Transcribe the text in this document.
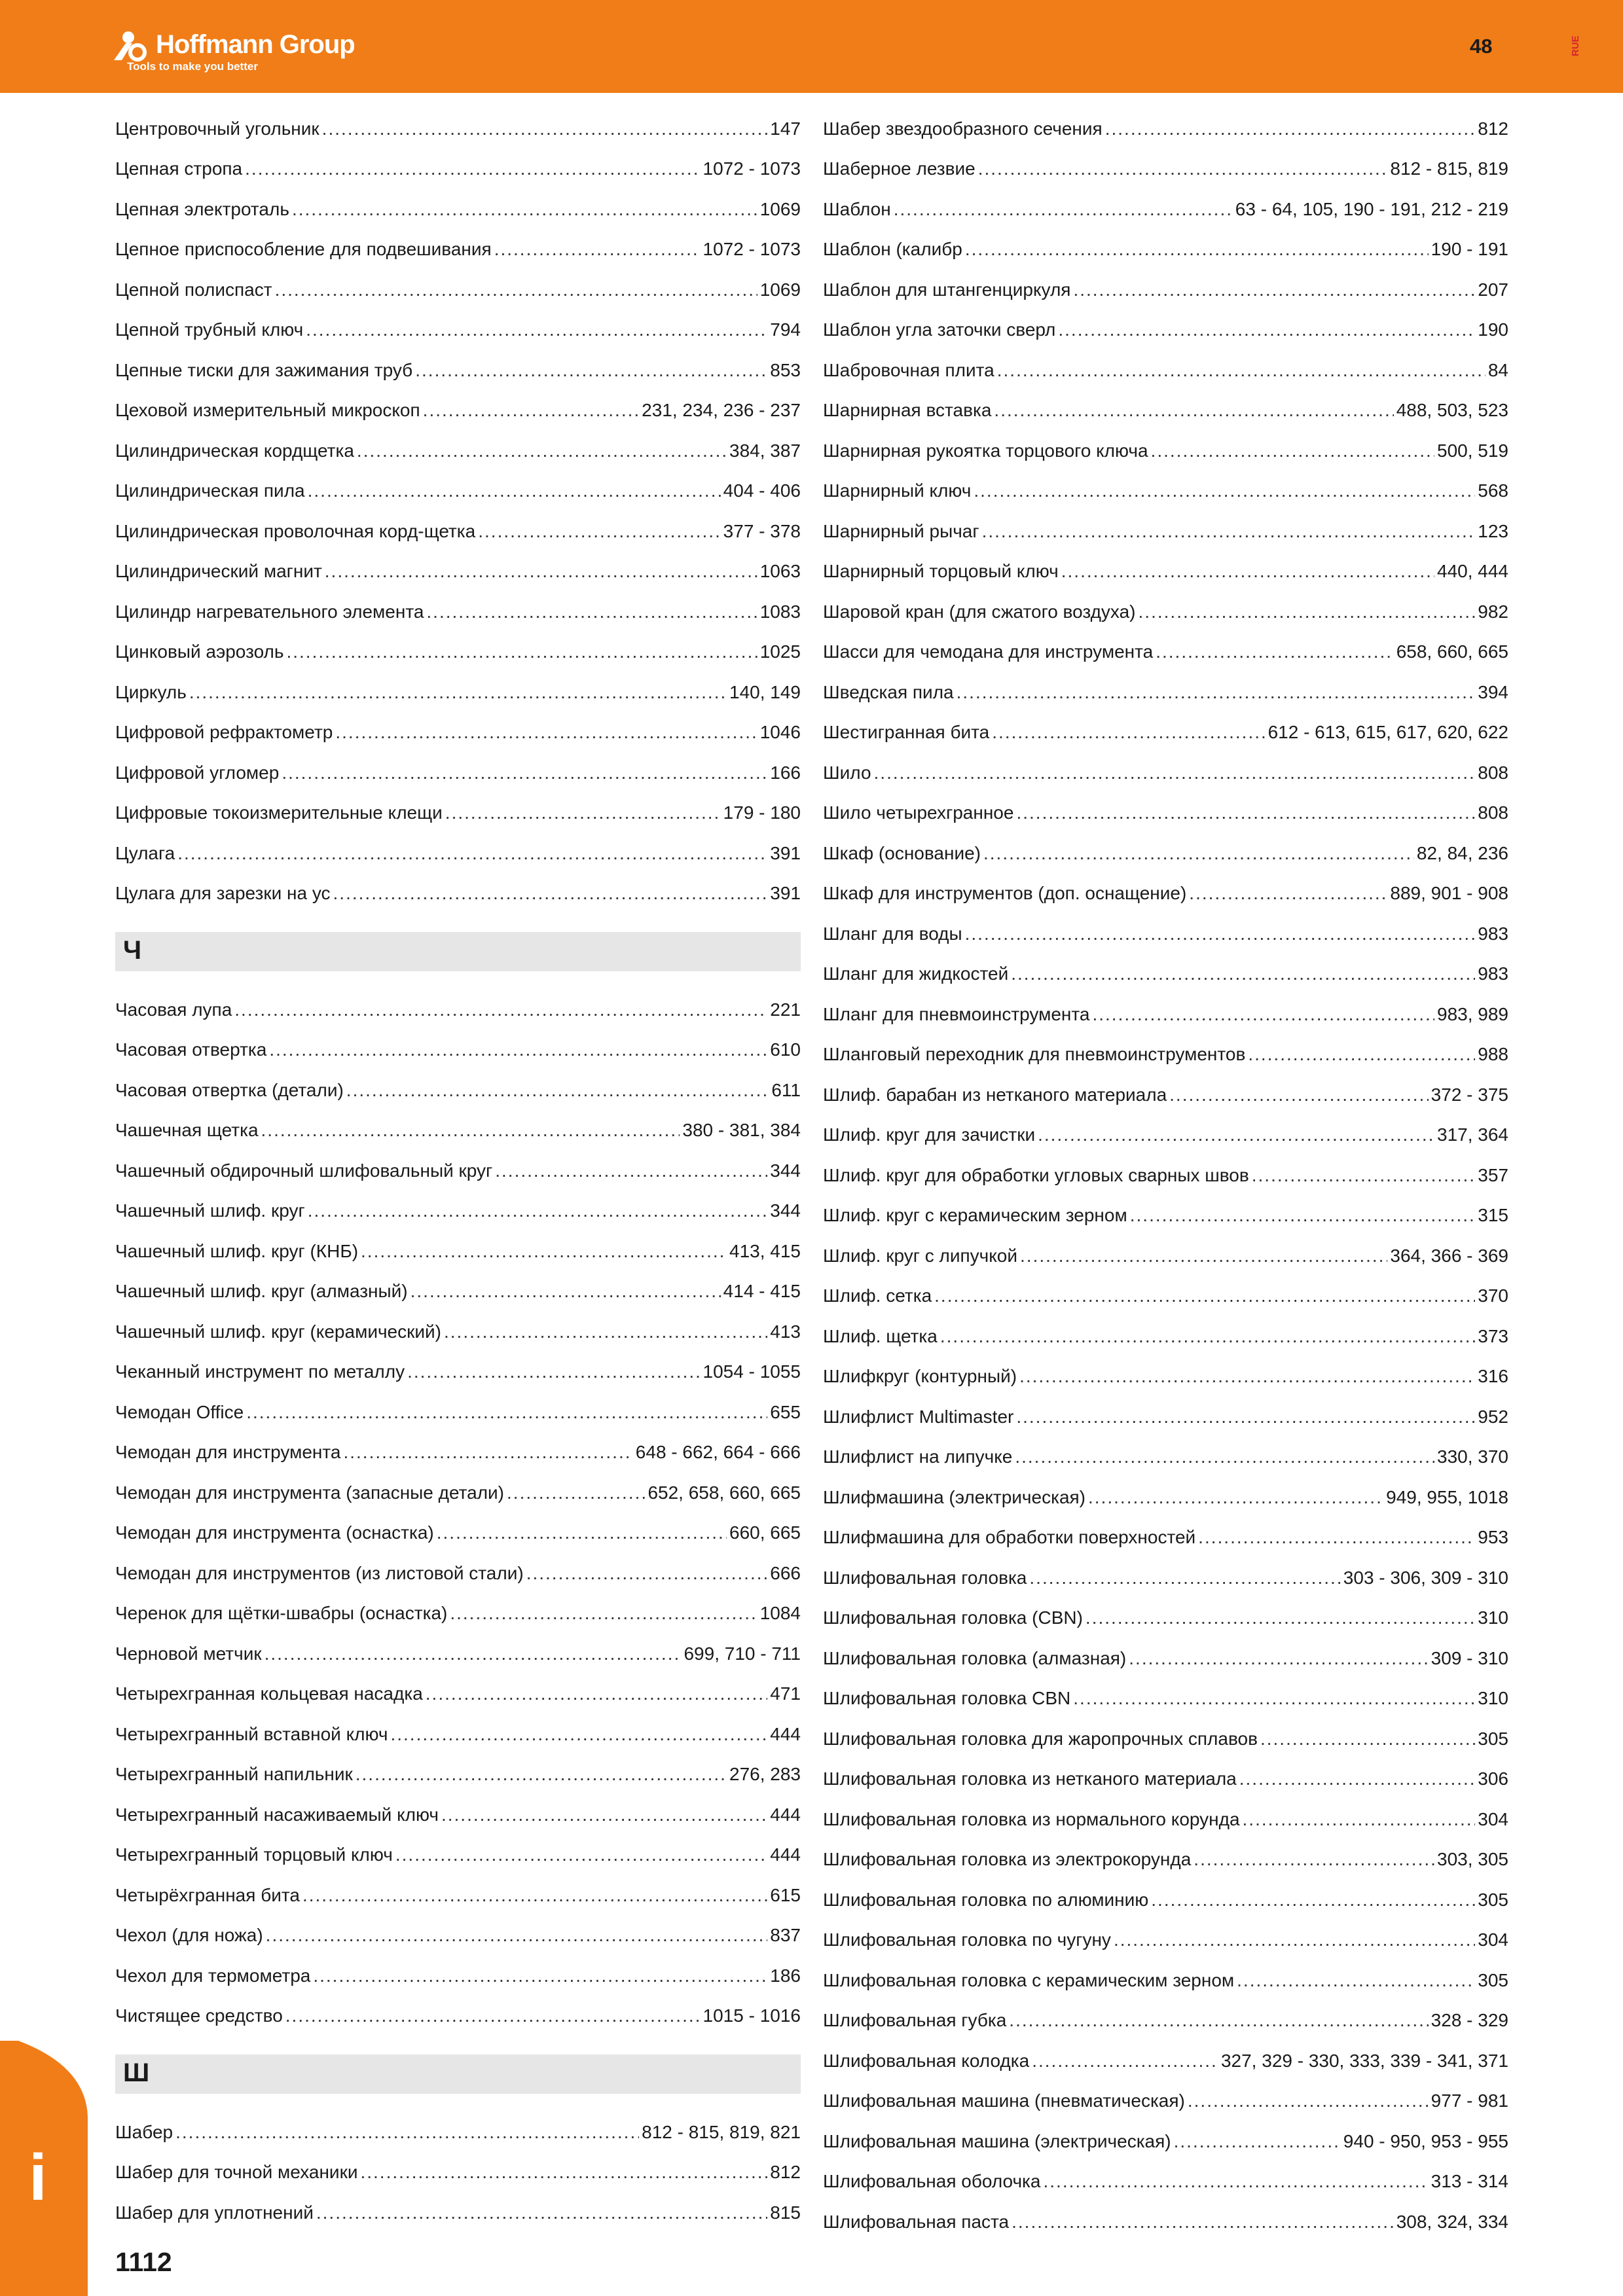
Hoffmann Group
Tools to make you better
48	RUE
Центровочный угольник .....	147
Цепная стропа .....	1072 - 1073
Цепная электроталь .....	1069
Цепное приспособление для подвешивания .....	1072 - 1073
Цепной полиспаст .....	1069
Цепной трубный ключ .....	794
Цепные тиски для зажимания труб .....	853
Цеховой измерительный микроскоп .....	231, 234, 236 - 237
Цилиндрическая кордщетка .....	384, 387
Цилиндрическая пила .....	404 - 406
Цилиндрическая проволочная корд-щетка .....	377 - 378
Цилиндрический магнит .....	1063
Цилиндр нагревательного элемента .....	1083
Цинковый аэрозоль .....	1025
Циркуль .....	140, 149
Цифровой рефрактометр .....	1046
Цифровой угломер .....	166
Цифровые токоизмерительные клещи .....	179 - 180
Цулага .....	391
Цулага для зарезки на ус .....	391
Ч
Часовая лупа .....	221
Часовая отвертка .....	610
Часовая отвертка (детали) .....	611
Чашечная щетка .....	380 - 381, 384
Чашечный обдирочный шлифовальный круг .....	344
Чашечный шлиф. круг .....	344
Чашечный шлиф. круг (КНБ) .....	413, 415
Чашечный шлиф. круг (алмазный) .....	414 - 415
Чашечный шлиф. круг (керамический) .....	413
Чеканный инструмент по металлу .....	1054 - 1055
Чемодан Office .....	655
Чемодан для инструмента .....	648 - 662, 664 - 666
Чемодан для инструмента (запасные детали) .....	652, 658, 660, 665
Чемодан для инструмента (оснастка) .....	660, 665
Чемодан для инструментов (из листовой стали) .....	666
Черенок для щётки-швабры (оснастка) .....	1084
Черновой метчик .....	699, 710 - 711
Четырехгранная кольцевая насадка .....	471
Четырехгранный вставной ключ .....	444
Четырехгранный напильник .....	276, 283
Четырехгранный насаживаемый ключ .....	444
Четырехгранный торцовый ключ .....	444
Четырёхгранная бита .....	615
Чехол (для ножа) .....	837
Чехол для термометра .....	186
Чистящее средство .....	1015 - 1016
Ш
Шабер .....	812 - 815, 819, 821
Шабер для точной механики .....	812
Шабер для уплотнений .....	815
Шабер звездообразного сечения .....	812
Шаберное лезвие .....	812 - 815, 819
Шаблон .....	63 - 64, 105, 190 - 191, 212 - 219
Шаблон (калибр .....	190 - 191
Шаблон для штангенциркуля .....	207
Шаблон угла заточки сверл .....	190
Шабровочная плита .....	84
Шарнирная вставка .....	488, 503, 523
Шарнирная рукоятка торцового ключа .....	500, 519
Шарнирный ключ .....	568
Шарнирный рычаг .....	123
Шарнирный торцовый ключ .....	440, 444
Шаровой кран (для сжатого воздуха) .....	982
Шасси для чемодана для инструмента .....	658, 660, 665
Шведская пила .....	394
Шестигранная бита .....	612 - 613, 615, 617, 620, 622
Шило .....	808
Шило четырехгранное .....	808
Шкаф (основание) .....	82, 84, 236
Шкаф для инструментов (доп. оснащение) .....	889, 901 - 908
Шланг для воды .....	983
Шланг для жидкостей .....	983
Шланг для пневмоинструмента .....	983, 989
Шланговый переходник для пневмоинструментов .....	988
Шлиф. барабан из нетканого материала .....	372 - 375
Шлиф. круг для зачистки .....	317, 364
Шлиф. круг для обработки угловых сварных швов .....	357
Шлиф. круг с керамическим зерном .....	315
Шлиф. круг с липучкой .....	364, 366 - 369
Шлиф. сетка .....	370
Шлиф. щетка .....	373
Шлифкруг (контурный) .....	316
Шлифлист Multimaster .....	952
Шлифлист на липучке .....	330, 370
Шлифмашина (электрическая) .....	949, 955, 1018
Шлифмашина для обработки поверхностей .....	953
Шлифовальная головка .....	303 - 306, 309 - 310
Шлифовальная головка (CBN) .....	310
Шлифовальная головка (алмазная) .....	309 - 310
Шлифовальная головка CBN .....	310
Шлифовальная головка для жаропрочных сплавов .....	305
Шлифовальная головка из нетканого материала .....	306
Шлифовальная головка из нормального корунда .....	304
Шлифовальная головка из электрокорунда .....	303, 305
Шлифовальная головка по алюминию .....	305
Шлифовальная головка по чугуну .....	304
Шлифовальная головка с керамическим зерном .....	305
Шлифовальная губка .....	328 - 329
Шлифовальная колодка .....	327, 329 - 330, 333, 339 - 341, 371
Шлифовальная машина (пневматическая) .....	977 - 981
Шлифовальная машина (электрическая) .....	940 - 950, 953 - 955
Шлифовальная оболочка .....	313 - 314
Шлифовальная паста .....	308, 324, 334
i
1112
